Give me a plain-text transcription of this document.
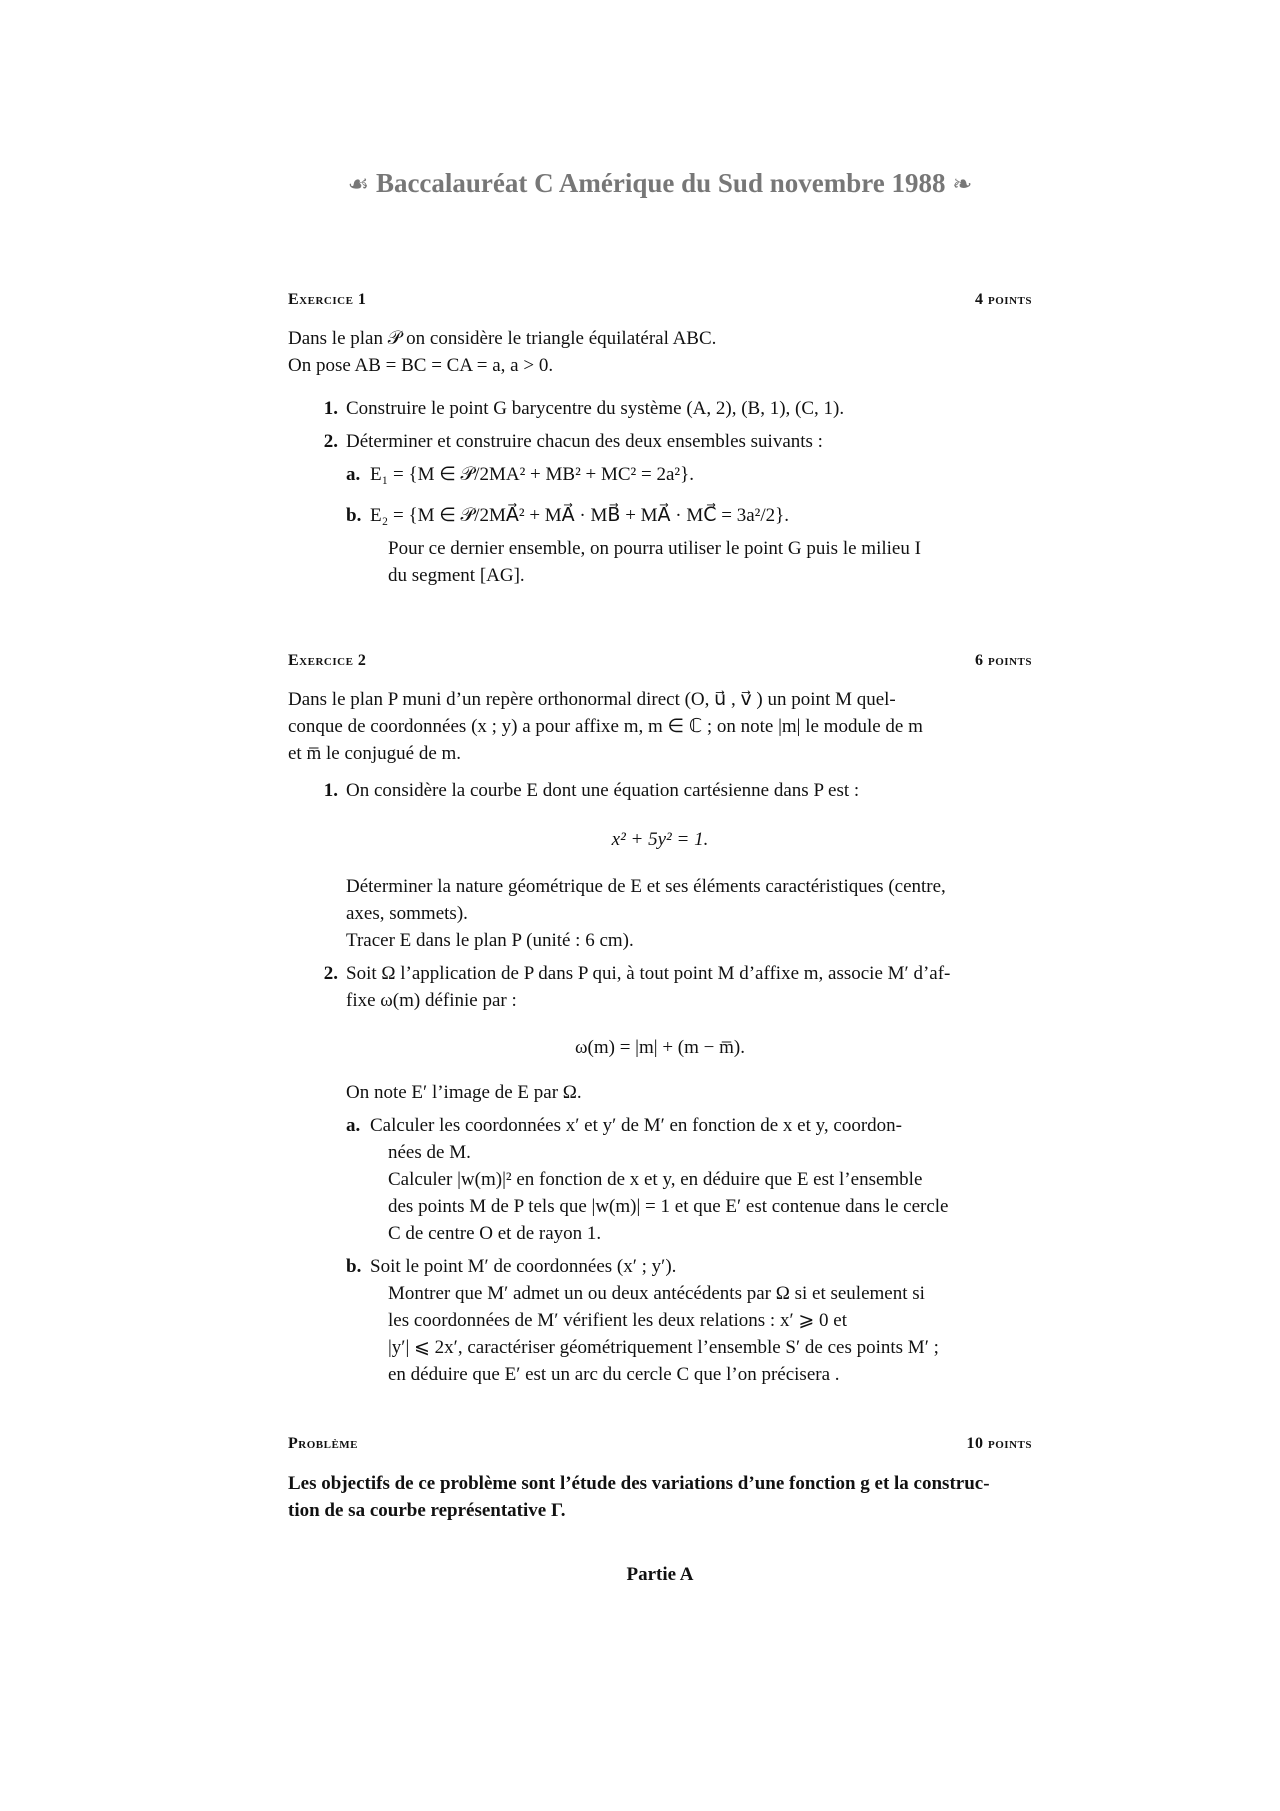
☙ Baccalauréat C Amérique du Sud novembre 1988 ❧
Exercice 1	4 points

Dans le plan 𝒫 on considère le triangle équilatéral ABC.

On pose AB = BC = CA = a, a > 0.

1. Construire le point G barycentre du système (A, 2), (B, 1), (C, 1).

2. Déterminer et construire chacun des deux ensembles suivants :

a. E₁ = {M ∈ 𝒫/2MA² + MB² + MC² = 2a²}.

b. E₂ = {M ∈ 𝒫/2MA⃗² + MA⃗ · MB⃗ + MA⃗ · MC⃗ = 3a²/2}.

Pour ce dernier ensemble, on pourra utiliser le point G puis le milieu I

du segment [AG].

Exercice 2	6 points

Dans le plan P muni d’un repère orthonormal direct (O, u⃗ , v⃗ ) un point M quel-

conque de coordonnées (x ; y) a pour affixe m, m ∈ ℂ ; on note |m| le module de m

et m̅ le conjugué de m.

1. On considère la courbe E dont une équation cartésienne dans P est :

x² + 5y² = 1.

Déterminer la nature géométrique de E et ses éléments caractéristiques (centre,

axes, sommets).

Tracer E dans le plan P (unité : 6 cm).

2. Soit Ω l’application de P dans P qui, à tout point M d’affixe m, associe M′ d’af-

fixe ω(m) définie par :

ω(m) = |m| + (m − m̅).

On note E′ l’image de E par Ω.

a. Calculer les coordonnées x′ et y′ de M′ en fonction de x et y, coordon-

nées de M.

Calculer |w(m)|² en fonction de x et y, en déduire que E est l’ensemble

des points M de P tels que |w(m)| = 1 et que E′ est contenue dans le cercle

C de centre O et de rayon 1.

b. Soit le point M′ de coordonnées (x′ ; y′).

Montrer que M′ admet un ou deux antécédents par Ω si et seulement si

les coordonnées de M′ vérifient les deux relations : x′ ⩾ 0 et

|y′| ⩽ 2x′, caractériser géométriquement l’ensemble S′ de ces points M′ ;

en déduire que E′ est un arc du cercle C que l’on précisera .

Problème	10 points

Les objectifs de ce problème sont l’étude des variations d’une fonction g et la construc-

tion de sa courbe représentative Γ.

Partie A
